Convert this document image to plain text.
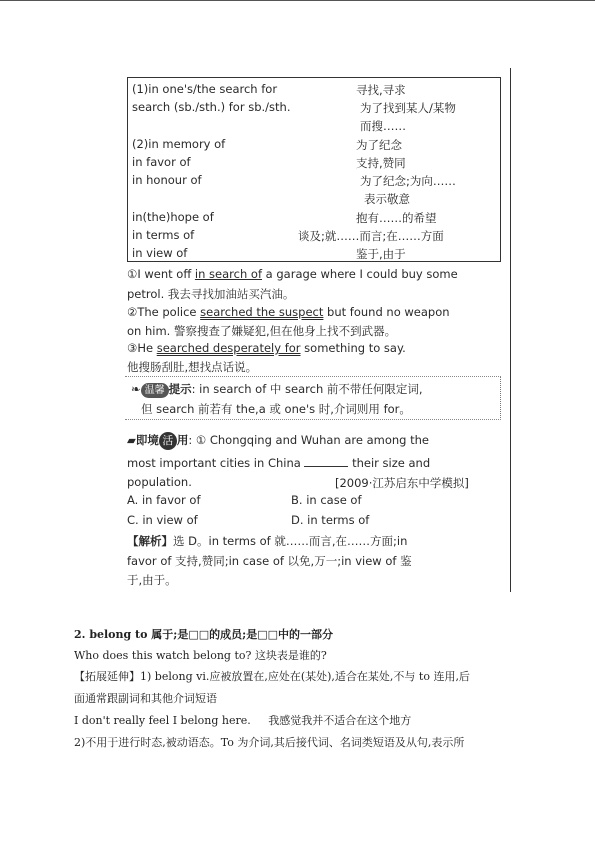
(1)in one's/the search for	寻找,寻求
search (sb./sth.) for sb./sth.	为了找到某人/某物
而搜……
(2)in memory of	为了纪念
in favor of	支持,赞同
in honour of	为了纪念;为向……
表示敬意
in(the)hope of	抱有……的希望
in terms of	谈及;就……而言;在……方面
in view of	鉴于,由于
①I went off in search of a garage where I could buy some
petrol. 我去寻找加油站买汽油。
②The police searched the suspect but found no weapon
on him. 警察搜查了嫌疑犯,但在他身上找不到武器。
③He searched desperately for something to say.
他搜肠刮肚,想找点话说。
❧ 温馨 提示: in search of 中 search 前不带任何限定词,
但 search 前若有 the,a 或 one's 时,介词则用 for。
▰即境 活 用: ① Chongqing and Wuhan are among the
most important cities in China	their size and
population.	[2009·江苏启东中学模拟]
A. in favor of	B. in case of
C. in view of	D. in terms of
【解析】选 D。in terms of 就……而言,在……方面;in
favor of 支持,赞同;in case of 以免,万一;in view of 鉴
于,由于。
2. belong to 属于;是□□的成员;是□□中的一部分
Who does this watch belong to? 这块表是谁的?
【拓展延伸】1) belong vi.应被放置在,应处在(某处),适合在某处,不与 to 连用,后
面通常跟副词和其他介词短语
I don't really feel I belong here. 我感觉我并不适合在这个地方
2)不用于进行时态,被动语态。To 为介词,其后接代词、名词类短语及从句,表示所
